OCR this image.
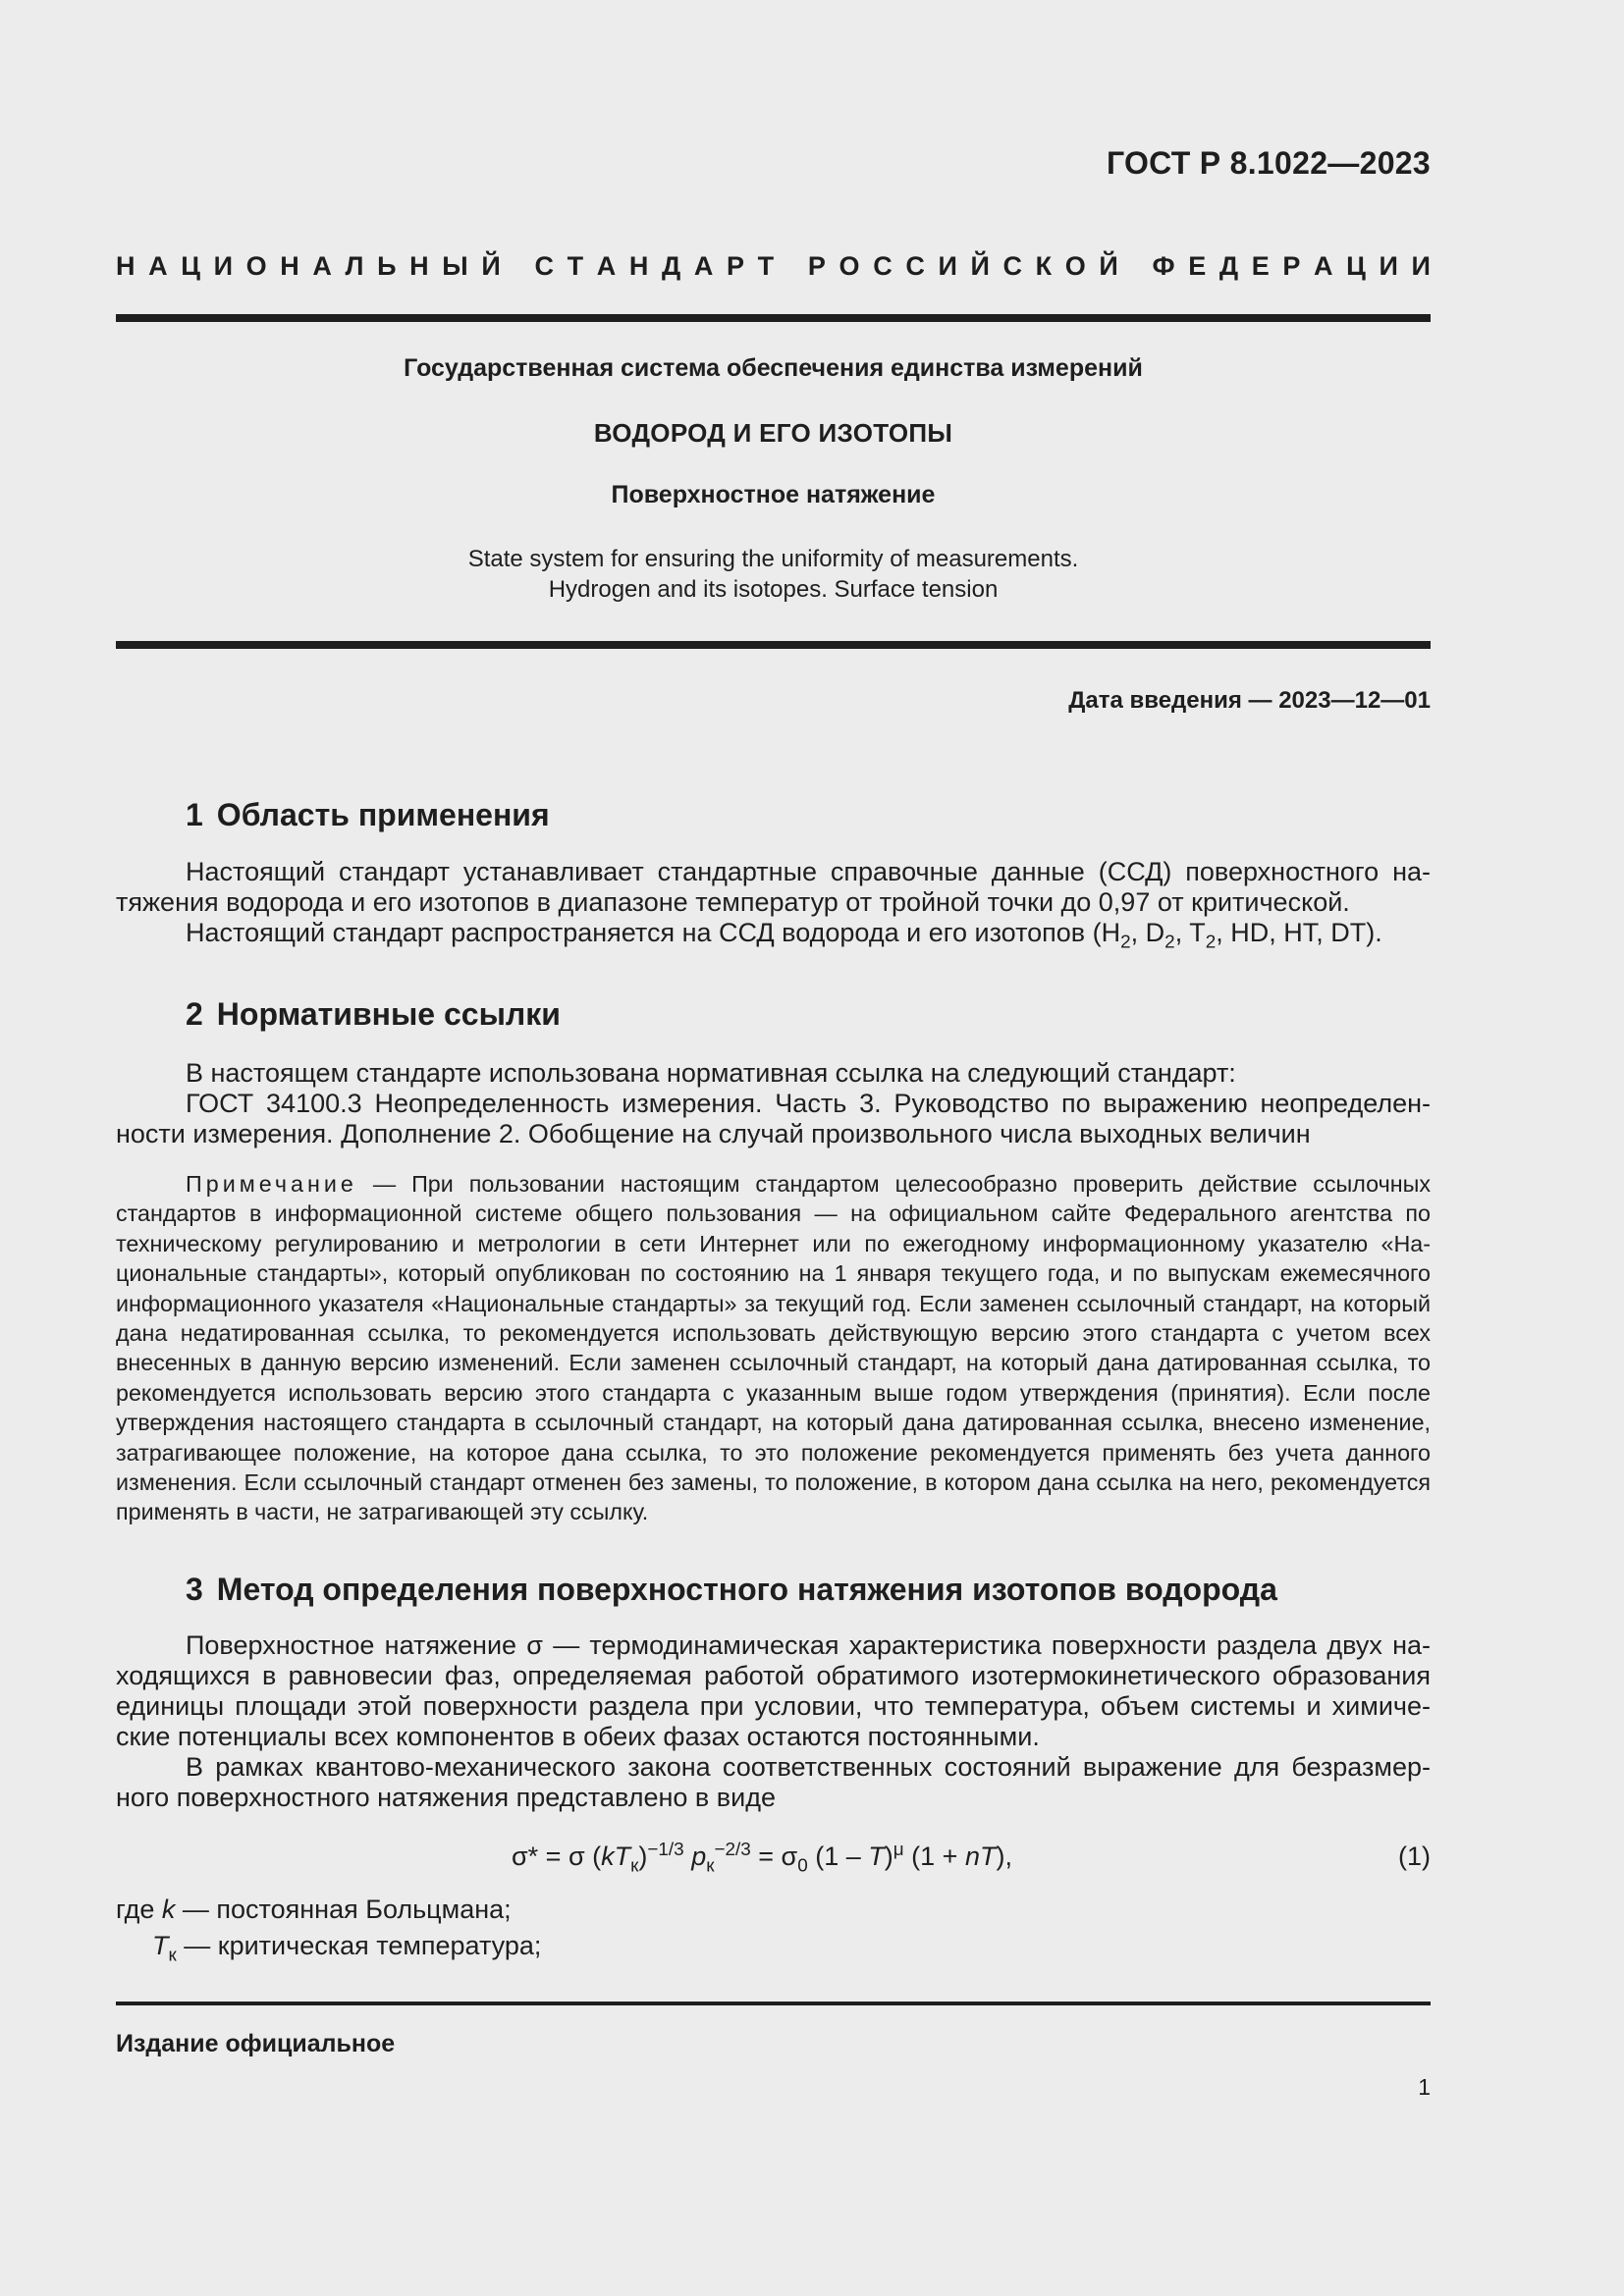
ГОСТ Р 8.1022—2023
Н А Ц И О Н А Л Ь Н Ы Й
С Т А Н Д А Р Т
Р О С С И Й С К О Й
Ф Е Д Е Р А Ц И И
Государственная система обеспечения единства измерений
ВОДОРОД И ЕГО ИЗОТОПЫ
Поверхностное натяжение
State system for ensuring the uniformity of measurements.
Hydrogen and its isotopes. Surface tension
Дата введения — 2023—12—01
1 Область применения

Настоящий стандарт устанавливает стандартные справочные данные (ССД) поверхностного натяжения водорода и его изотопов в диапазоне температур от тройной точки до 0,97 от критической.

Настоящий стандарт распространяется на ССД водорода и его изотопов ($H_2$, $D_2$, $T_2$, HD, HT, DT).

2 Нормативные ссылки

В настоящем стандарте использована нормативная ссылка на следующий стандарт:

ГОСТ 34100.3 Неопределенность измерения. Часть 3. Руководство по выражению неопределенности измерения. Дополнение 2. Обобщение на случай произвольного числа выходных величин

Примечание — При пользовании настоящим стандартом целесообразно проверить действие ссылочных стандартов в информационной системе общего пользования — на официальном сайте Федерального агентства по техническому регулированию и метрологии в сети Интернет или по ежегодному информационному указателю «Национальные стандарты», который опубликован по состоянию на 1 января текущего года, и по выпускам ежемесячного информационного указателя «Национальные стандарты» за текущий год. Если заменен ссылочный стандарт, на который дана недатированная ссылка, то рекомендуется использовать действующую версию этого стандарта с учетом всех внесенных в данную версию изменений. Если заменен ссылочный стандарт, на который дана датированная ссылка, то рекомендуется использовать версию этого стандарта с указанным выше годом утверждения (принятия). Если после утверждения настоящего стандарта в ссылочный стандарт, на который дана датированная ссылка, внесено изменение, затрагивающее положение, на которое дана ссылка, то это положение рекомендуется применять без учета данного изменения. Если ссылочный стандарт отменен без замены, то положение, в котором дана ссылка на него, рекомендуется применять в части, не затрагивающей эту ссылку.

3 Метод определения поверхностного натяжения изотопов водорода

Поверхностное натяжение σ — термодинамическая характеристика поверхности раздела двух находящихся в равновесии фаз, определяемая работой обратимого изотермокинетического образования единицы площади этой поверхности раздела при условии, что температура, объем системы и химические потенциалы всех компонентов в обеих фазах остаются постоянными.

В рамках квантово-механического закона соответственных состояний выражение для безразмерного поверхностного натяжения представлено в виде

σ* = σ $(kT_к)^{-1/3}$ $p_к^{-2/3} = \sigma_0$ (1 – T)$^\mu$ (1 + nT),	(1)
где k — постоянная Больцмана;
$T_к$ — критическая температура;
Издание официальное
1
